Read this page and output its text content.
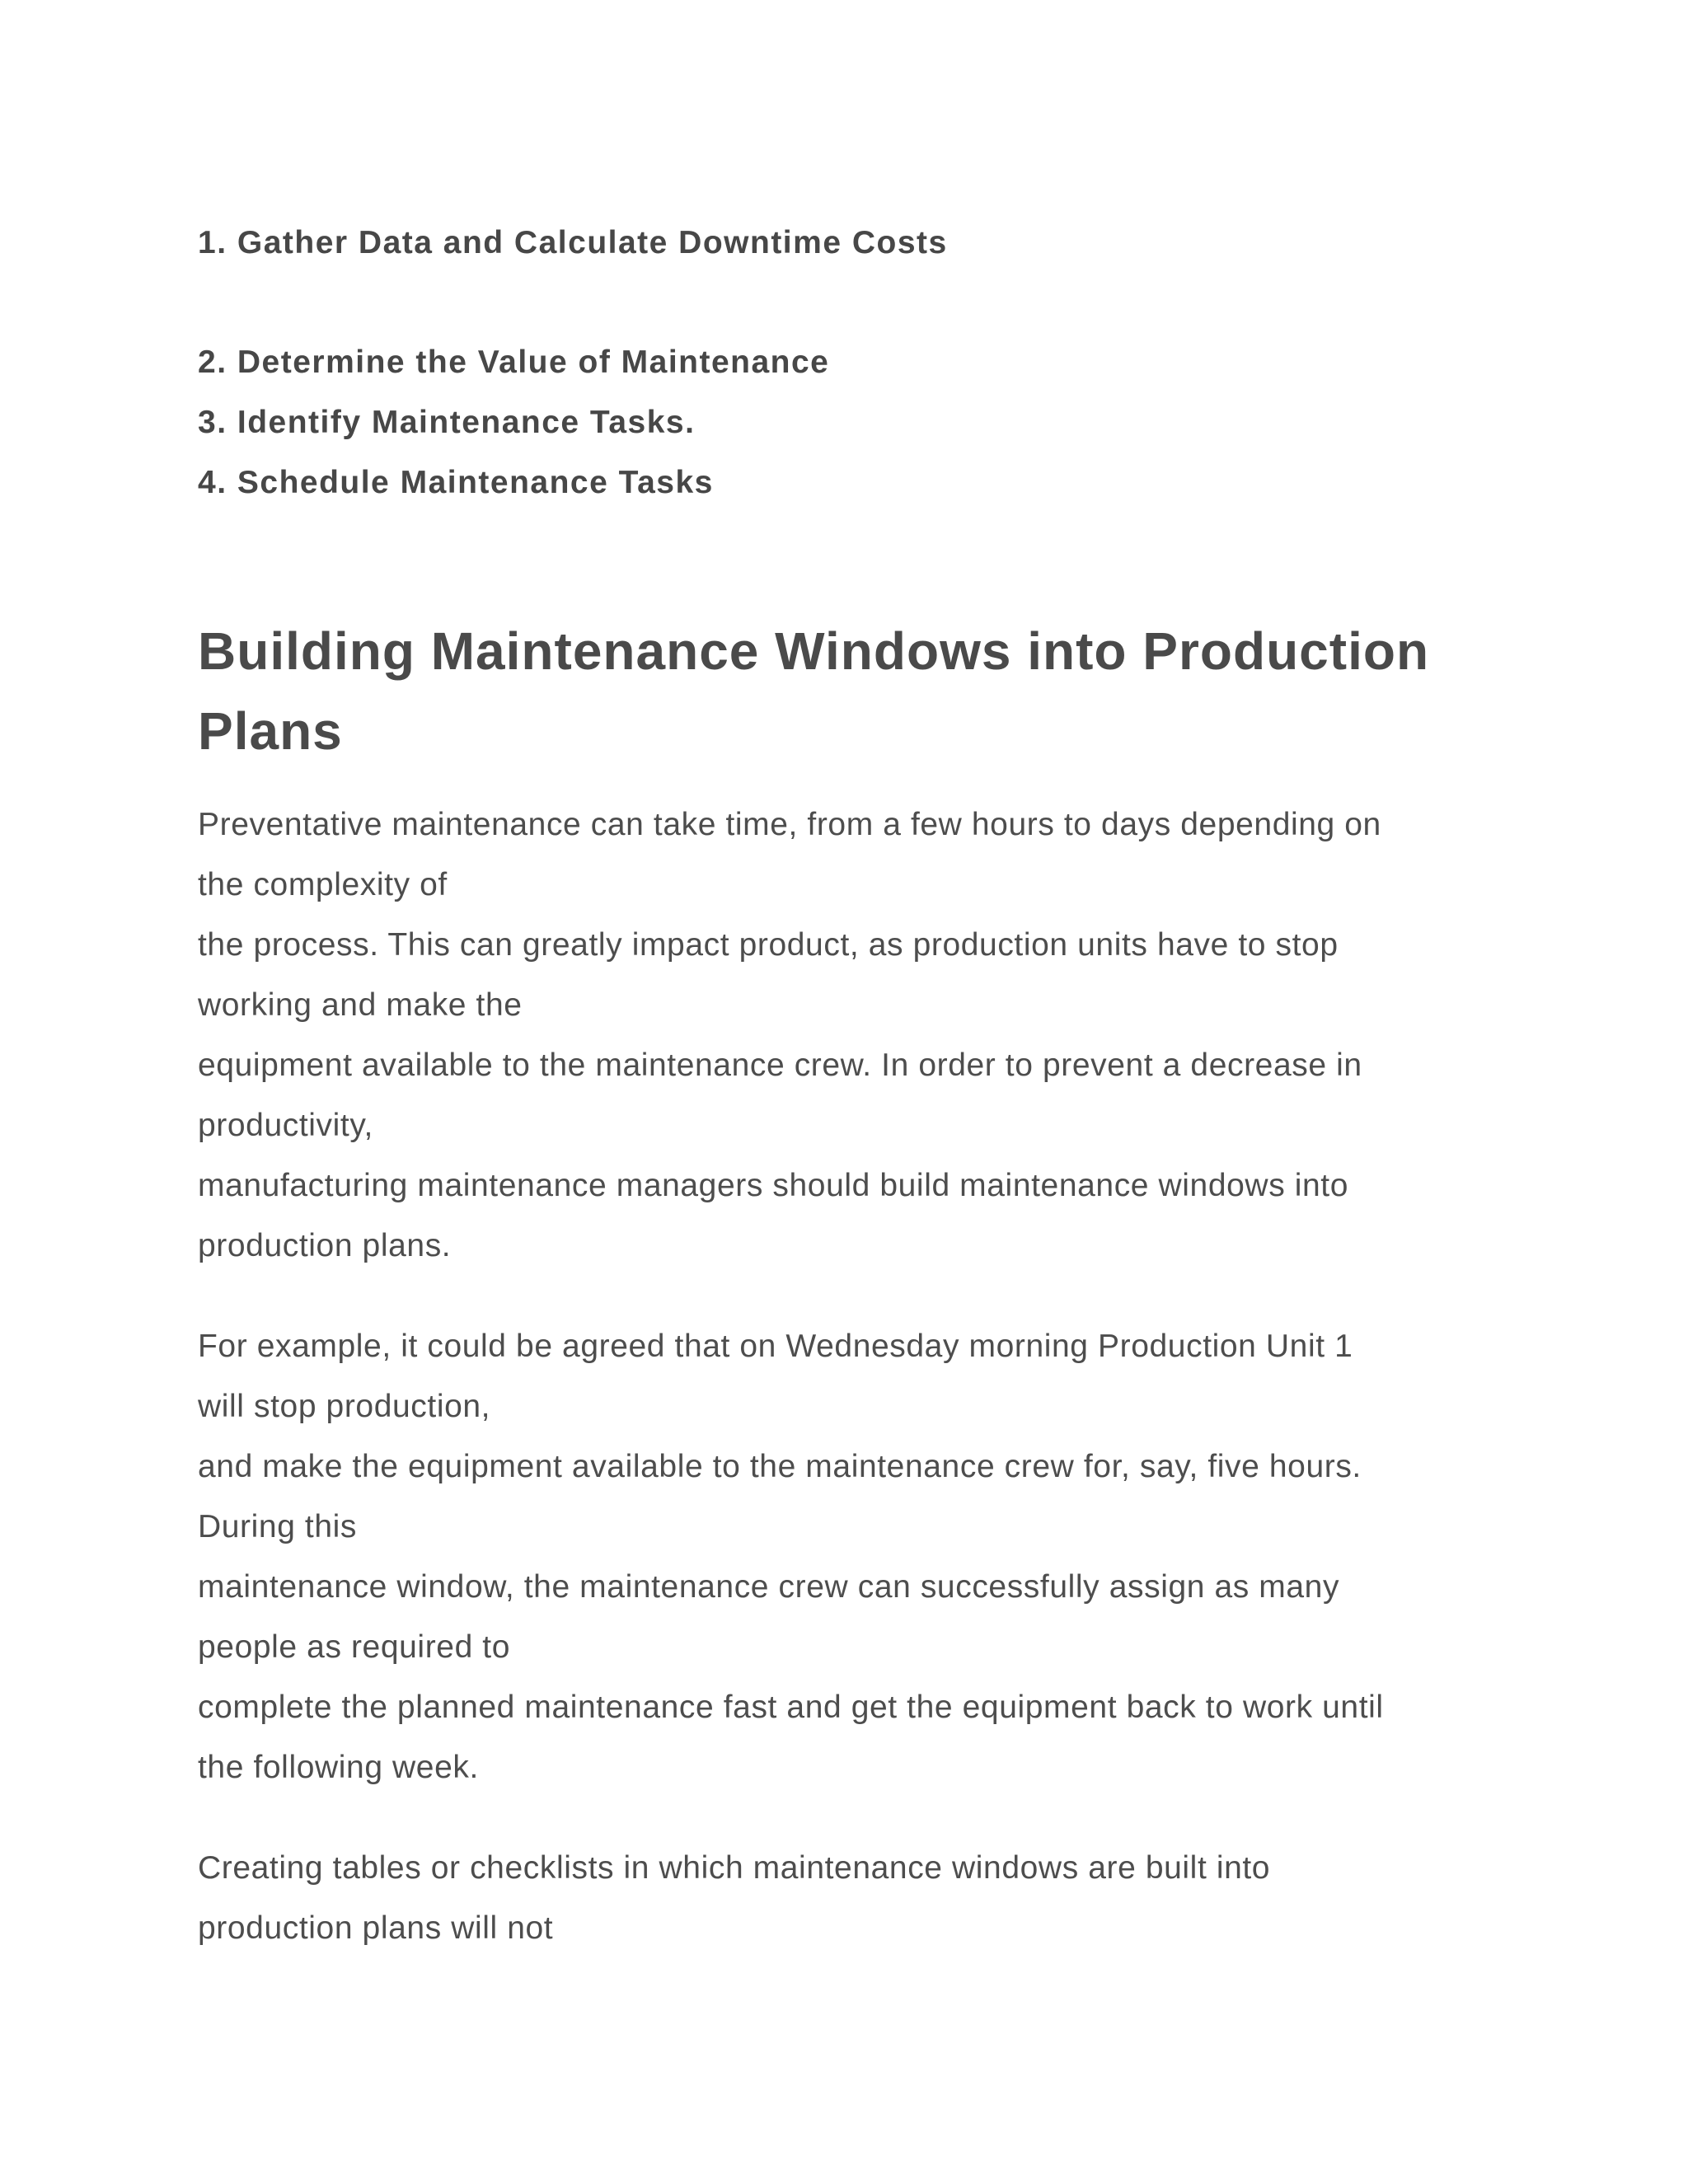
1. Gather Data and Calculate Downtime Costs
2. Determine the Value of Maintenance
3. Identify Maintenance Tasks.
4. Schedule Maintenance Tasks
Building Maintenance Windows into Production
Plans
Preventative maintenance can take time, from a few hours to days depending on
the complexity of
the process. This can greatly impact product, as production units have to stop
working and make the
equipment available to the maintenance crew. In order to prevent a decrease in
productivity,
manufacturing maintenance managers should build maintenance windows into
production plans.
For example, it could be agreed that on Wednesday morning Production Unit 1
will stop production,
and make the equipment available to the maintenance crew for, say, five hours.
During this
maintenance window, the maintenance crew can successfully assign as many
people as required to
complete the planned maintenance fast and get the equipment back to work until
the following week.
Creating tables or checklists in which maintenance windows are built into
production plans will not
